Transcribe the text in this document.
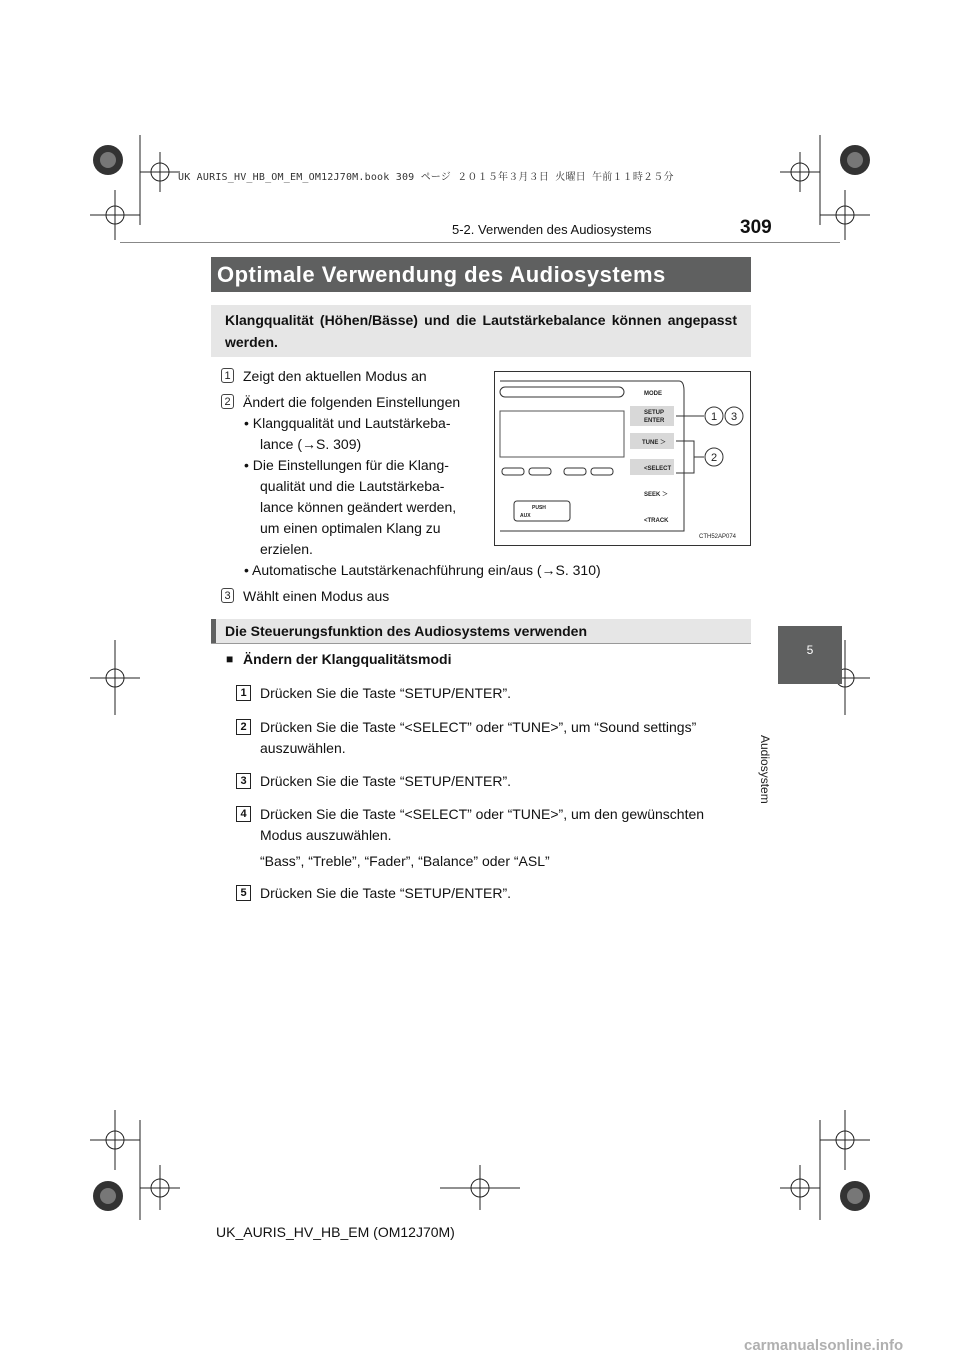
UK AURIS_HV_HB_OM_EM_OM12J70M.book 309 ページ ２０１５年３月３日 火曜日 午前１１時２５分
5-2. Verwenden des Audiosystems	309
Optimale Verwendung des Audiosystems
Klangqualität (Höhen/Bässe) und die Lautstärkebalance können angepasst werden.
1 Zeigt den aktuellen Modus an
2 Ändert die folgenden Einstellungen
• Klangqualität und Lautstärkeba-
lance (→S. 309)
• Die Einstellungen für die Klang-
qualität und die Lautstärkeba-
lance können geändert werden,
um einen optimalen Klang zu
erzielen.
• Automatische Lautstärkenachführung ein/aus (→S. 310)
3 Wählt einen Modus aus
PUSH
AUX
MODE
SETUP
ENTER
TUNE ＞
<SELECT
SEEK ＞
<TRACK
CTH52AP074
1 3
2
5
Audiosystem
Die Steuerungsfunktion des Audiosystems verwenden
■ Ändern der Klangqualitätsmodi
1 Drücken Sie die Taste “SETUP/ENTER”.
2 Drücken Sie die Taste “<SELECT” oder “TUNE>”, um “Sound settings”
auszuwählen.
3 Drücken Sie die Taste “SETUP/ENTER”.
4 Drücken Sie die Taste “<SELECT” oder “TUNE>”, um den gewünschten
Modus auszuwählen.
“Bass”, “Treble”, “Fader”, “Balance” oder “ASL”
5 Drücken Sie die Taste “SETUP/ENTER”.
UK_AURIS_HV_HB_EM (OM12J70M)
carmanualsonline.info
